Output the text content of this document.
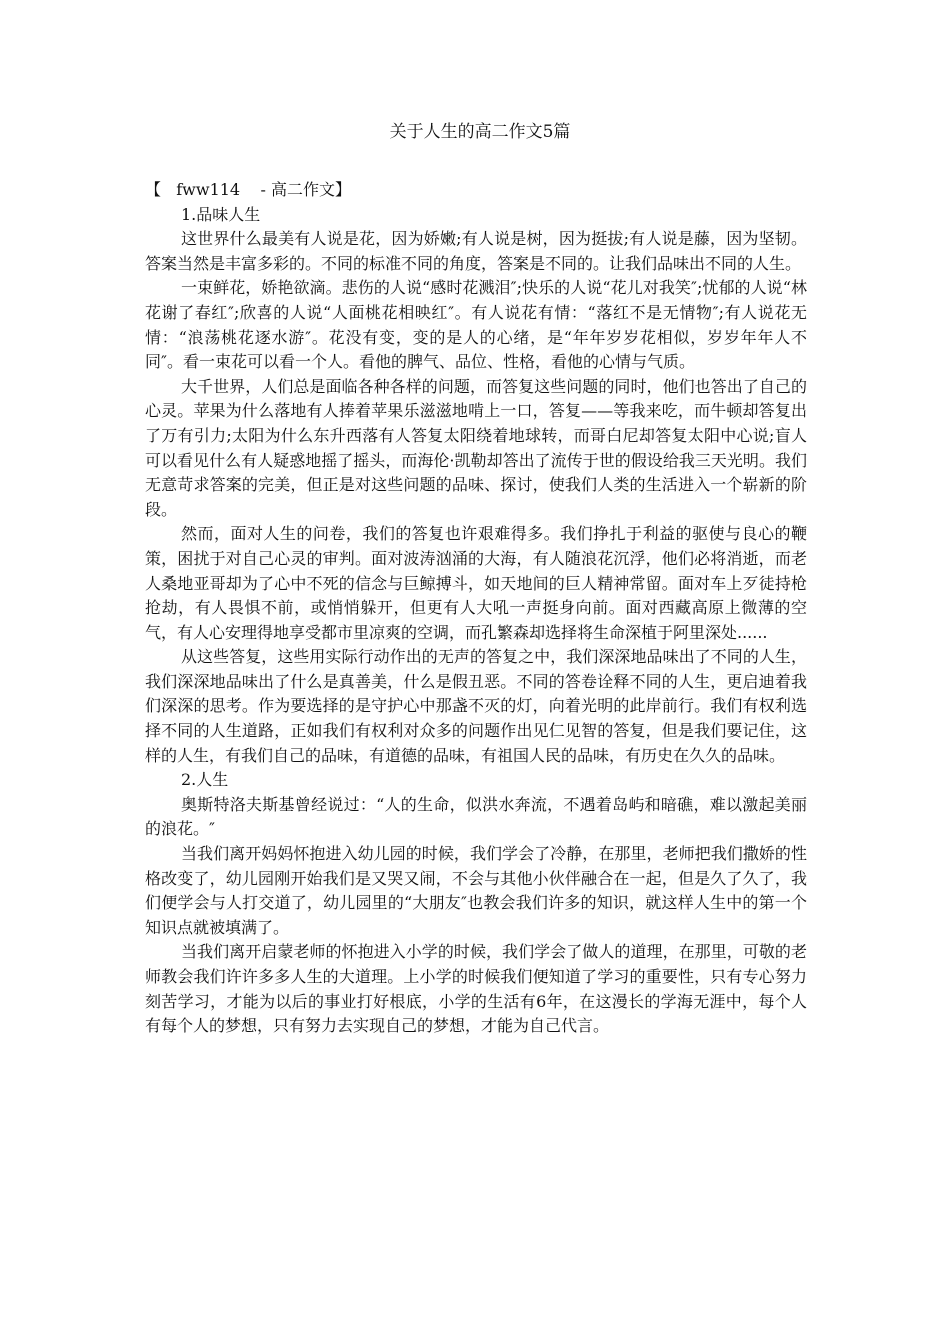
关于人生的高二作文5篇
【   fww114    - 高二作文】

1.品味人生

这世界什么最美有人说是花，因为娇嫩;有人说是树，因为挺拔;有人说是藤，因为坚韧。答案当然是丰富多彩的。不同的标准不同的角度，答案是不同的。让我们品味出不同的人生。

一束鲜花，娇艳欲滴。悲伤的人说“感时花溅泪″;快乐的人说“花儿对我笑″;忧郁的人说“林花谢了春红″;欣喜的人说“人面桃花相映红″。有人说花有情：“落红不是无情物″;有人说花无情：“浪荡桃花逐水游″。花没有变，变的是人的心绪，是“年年岁岁花相似，岁岁年年人不同″。看一束花可以看一个人。看他的脾气、品位、性格，看他的心情与气质。

大千世界，人们总是面临各种各样的问题，而答复这些问题的同时，他们也答出了自己的心灵。苹果为什么落地有人捧着苹果乐滋滋地啃上一口，答复——等我来吃，而牛顿却答复出了万有引力;太阳为什么东升西落有人答复太阳绕着地球转，而哥白尼却答复太阳中心说;盲人可以看见什么有人疑惑地摇了摇头，而海伦·凯勒却答出了流传于世的假设给我三天光明。我们无意苛求答案的完美，但正是对这些问题的品味、探讨，使我们人类的生活进入一个崭新的阶段。

然而，面对人生的问卷，我们的答复也许艰难得多。我们挣扎于利益的驱使与良心的鞭策，困扰于对自己心灵的审判。面对波涛汹涌的大海，有人随浪花沉浮，他们必将消逝，而老人桑地亚哥却为了心中不死的信念与巨鲸搏斗，如天地间的巨人精神常留。面对车上歹徒持枪抢劫，有人畏惧不前，或悄悄躲开，但更有人大吼一声挺身向前。面对西藏高原上微薄的空气，有人心安理得地享受都市里凉爽的空调，而孔繁森却选择将生命深植于阿里深处......

从这些答复，这些用实际行动作出的无声的答复之中，我们深深地品味出了不同的人生，我们深深地品味出了什么是真善美，什么是假丑恶。不同的答卷诠释不同的人生，更启迪着我们深深的思考。作为要选择的是守护心中那盏不灭的灯，向着光明的此岸前行。我们有权利选择不同的人生道路，正如我们有权利对众多的问题作出见仁见智的答复，但是我们要记住，这样的人生，有我们自己的品味，有道德的品味，有祖国人民的品味，有历史在久久的品味。

2.人生

奥斯特洛夫斯基曾经说过：“人的生命，似洪水奔流，不遇着岛屿和暗礁，难以激起美丽的浪花。″

当我们离开妈妈怀抱进入幼儿园的时候，我们学会了冷静，在那里，老师把我们撒娇的性格改变了，幼儿园刚开始我们是又哭又闹，不会与其他小伙伴融合在一起，但是久了久了，我们便学会与人打交道了，幼儿园里的“大朋友″也教会我们许多的知识，就这样人生中的第一个知识点就被填满了。

当我们离开启蒙老师的怀抱进入小学的时候，我们学会了做人的道理，在那里，可敬的老师教会我们许许多多人生的大道理。上小学的时候我们便知道了学习的重要性，只有专心努力刻苦学习，才能为以后的事业打好根底，小学的生活有6年，在这漫长的学海无涯中，每个人有每个人的梦想，只有努力去实现自己的梦想，才能为自己代言。
